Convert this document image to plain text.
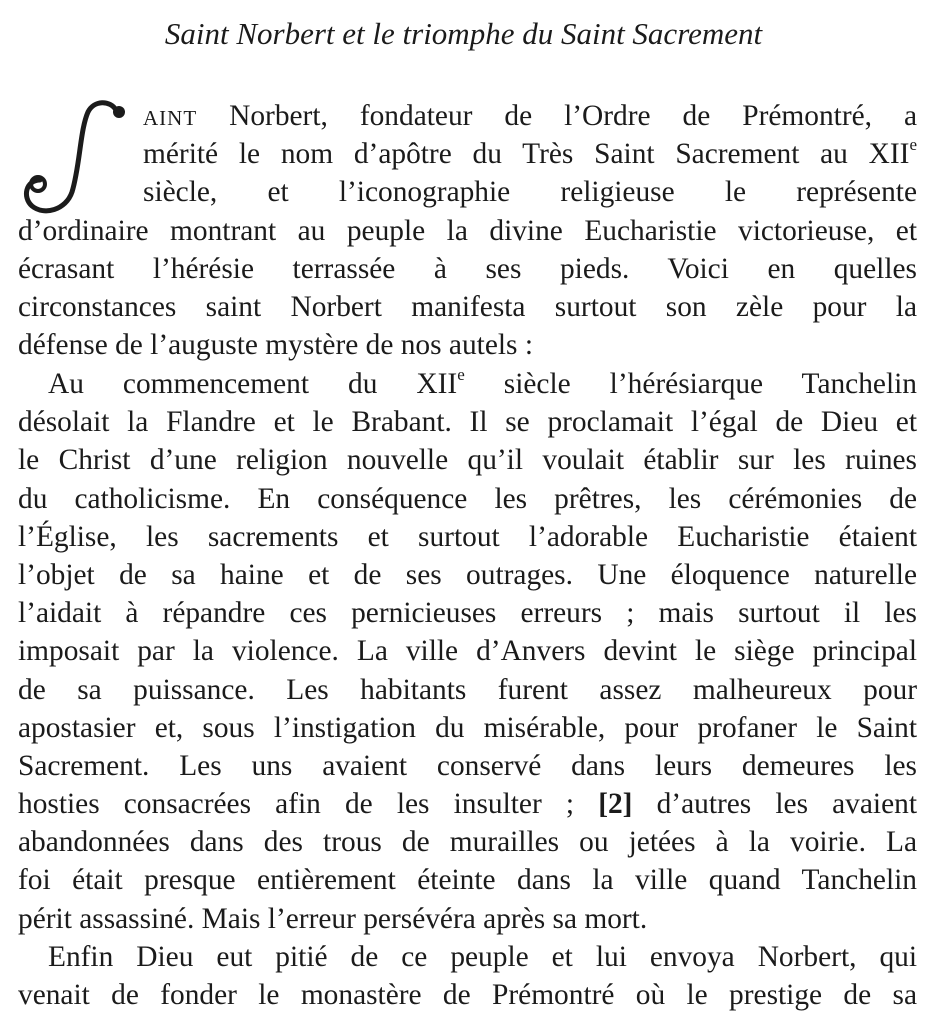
Saint Norbert et le triomphe du Saint Sacrement
S
AINT Norbert, fondateur de l’Ordre de Prémontré, a
mérité le nom d’apôtre du Très Saint Sacrement au XIIe
siècle, et l’iconographie religieuse le représente
d’ordinaire montrant au peuple la divine Eucharistie victorieuse, et
écrasant l’hérésie terrassée à ses pieds. Voici en quelles
circonstances saint Norbert manifesta surtout son zèle pour la
défense de l’auguste mystère de nos autels :
Au commencement du XIIe siècle l’hérésiarque Tanchelin
désolait la Flandre et le Brabant. Il se proclamait l’égal de Dieu et
le Christ d’une religion nouvelle qu’il voulait établir sur les ruines
du catholicisme. En conséquence les prêtres, les cérémonies de
l’Église, les sacrements et surtout l’adorable Eucharistie étaient
l’objet de sa haine et de ses outrages. Une éloquence naturelle
l’aidait à répandre ces pernicieuses erreurs ; mais surtout il les
imposait par la violence. La ville d’Anvers devint le siège principal
de sa puissance. Les habitants furent assez malheureux pour
apostasier et, sous l’instigation du misérable, pour profaner le Saint
Sacrement. Les uns avaient conservé dans leurs demeures les
hosties consacrées afin de les insulter ; [2] d’autres les avaient
abandonnées dans des trous de murailles ou jetées à la voirie. La
foi était presque entièrement éteinte dans la ville quand Tanchelin
périt assassiné. Mais l’erreur persévéra après sa mort.
Enfin Dieu eut pitié de ce peuple et lui envoya Norbert, qui
venait de fonder le monastère de Prémontré où le prestige de sa
